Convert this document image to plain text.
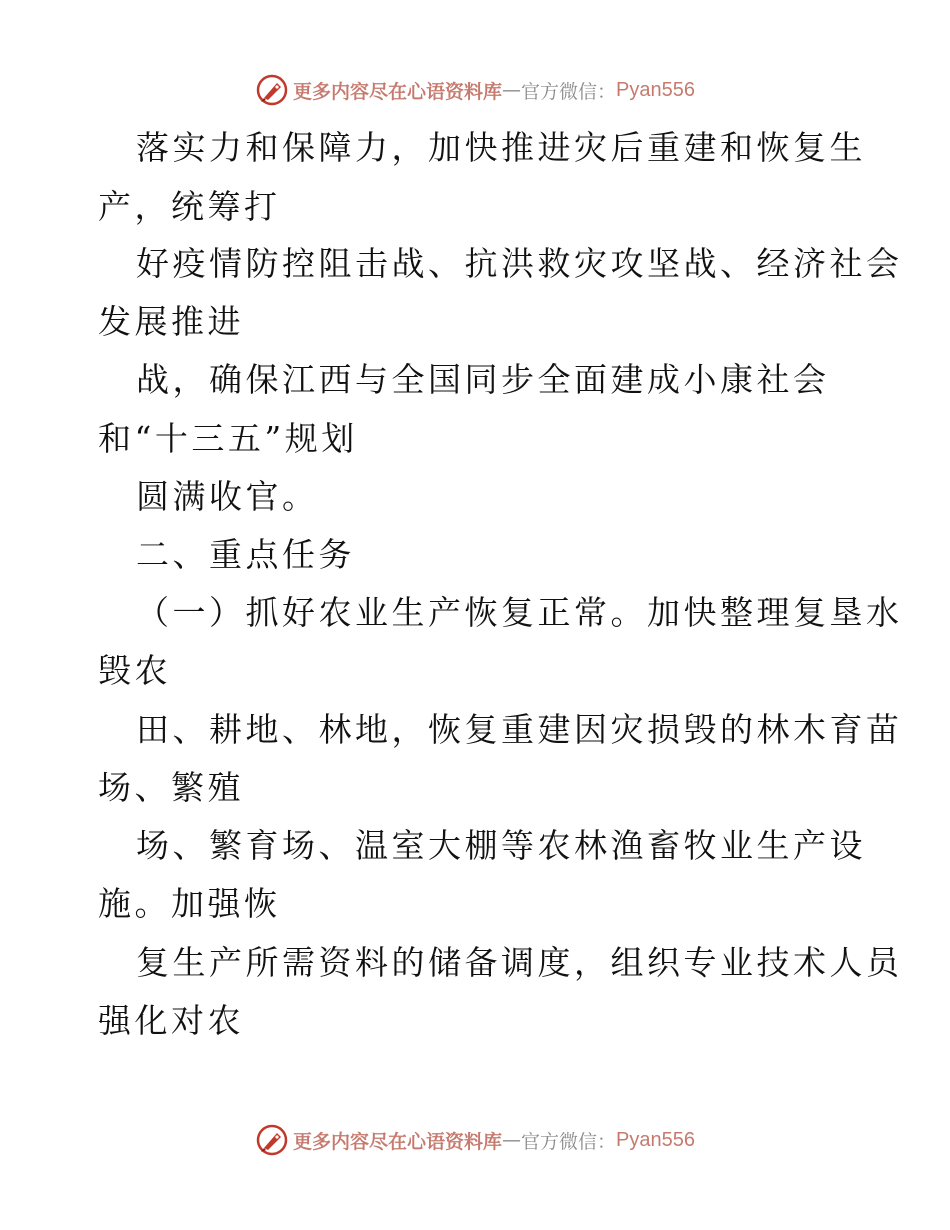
更多内容尽在心语资料库 — 官方微信： Pyan556
落实力和保障力，加快推进灾后重建和恢复生
产，统筹打
好疫情防控阻击战、抗洪救灾攻坚战、经济社会
发展推进
战，确保江西与全国同步全面建成小康社会
和“十三五”规划
圆满收官。
二、重点任务
（一）抓好农业生产恢复正常。加快整理复垦水
毁农
田、耕地、林地，恢复重建因灾损毁的林木育苗
场、繁殖
场、繁育场、温室大棚等农林渔畜牧业生产设
施。加强恢
复生产所需资料的储备调度，组织专业技术人员
强化对农
更多内容尽在心语资料库 — 官方微信： Pyan556
